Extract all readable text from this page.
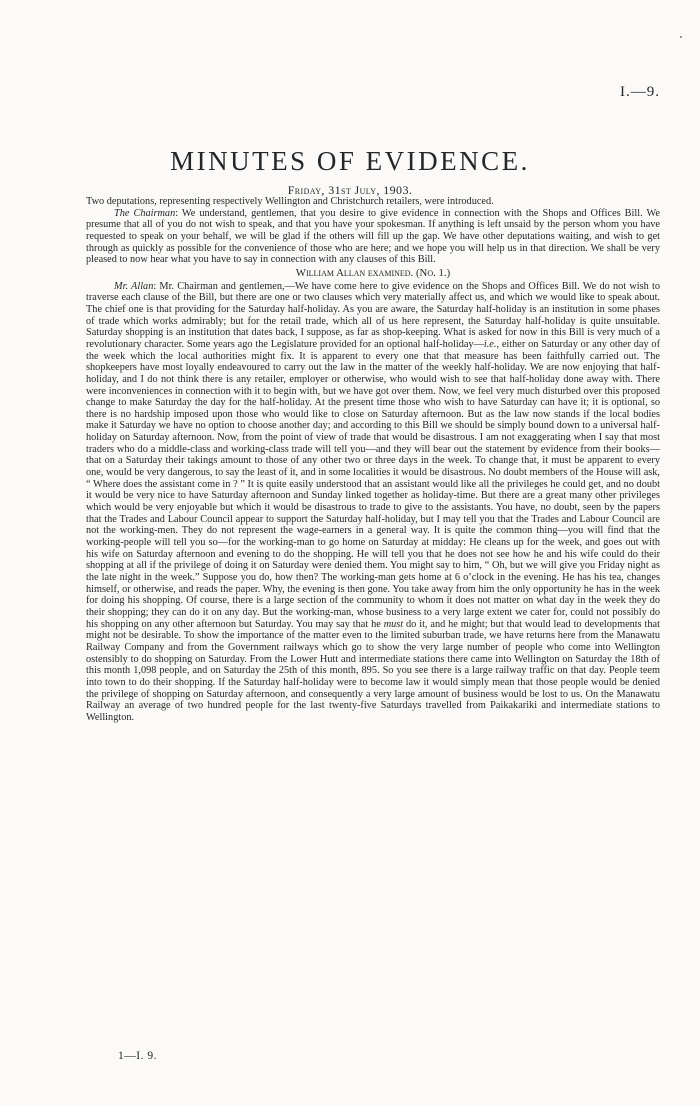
I.—9.
MINUTES OF EVIDENCE.
Friday, 31st July, 1903.

Two deputations, representing respectively Wellington and Christchurch retailers, were introduced.

The Chairman: We understand, gentlemen, that you desire to give evidence in connection with the Shops and Offices Bill. We presume that all of you do not wish to speak, and that you have your spokesman. If anything is left unsaid by the person whom you have requested to speak on your behalf, we will be glad if the others will fill up the gap. We have other deputations waiting, and wish to get through as quickly as possible for the convenience of those who are here; and we hope you will help us in that direction. We shall be very pleased to now hear what you have to say in connection with any clauses of this Bill.

William Allan examined. (No. 1.)

Mr. Allan: Mr. Chairman and gentlemen,—We have come here to give evidence on the Shops and Offices Bill. We do not wish to traverse each clause of the Bill, but there are one or two clauses which very materially affect us, and which we would like to speak about. The chief one is that providing for the Saturday half-holiday. As you are aware, the Saturday half-holiday is an institution in some phases of trade which works admirably; but for the retail trade, which all of us here represent, the Saturday half-holiday is quite unsuitable. Saturday shopping is an institution that dates back, I suppose, as far as shop-keeping. What is asked for now in this Bill is very much of a revolutionary character. Some years ago the Legislature provided for an optional half-holiday—i.e., either on Saturday or any other day of the week which the local authorities might fix. It is apparent to every one that that measure has been faithfully carried out. The shopkeepers have most loyally endeavoured to carry out the law in the matter of the weekly half-holiday. We are now enjoying that half-holiday, and I do not think there is any retailer, employer or otherwise, who would wish to see that half-holiday done away with. There were inconveniences in connection with it to begin with, but we have got over them. Now, we feel very much disturbed over this proposed change to make Saturday the day for the half-holiday. At the present time those who wish to have Saturday can have it; it is optional, so there is no hardship imposed upon those who would like to close on Saturday afternoon. But as the law now stands if the local bodies make it Saturday we have no option to choose another day; and according to this Bill we should be simply bound down to a universal half-holiday on Saturday afternoon. Now, from the point of view of trade that would be disastrous. I am not exaggerating when I say that most traders who do a middle-class and working-class trade will tell you—and they will bear out the statement by evidence from their books—that on a Saturday their takings amount to those of any other two or three days in the week. To change that, it must be apparent to every one, would be very dangerous, to say the least of it, and in some localities it would be disastrous. No doubt members of the House will ask, “ Where does the assistant come in ? ” It is quite easily understood that an assistant would like all the privileges he could get, and no doubt it would be very nice to have Saturday afternoon and Sunday linked together as holiday-time. But there are a great many other privileges which would be very enjoyable but which it would be disastrous to trade to give to the assistants. You have, no doubt, seen by the papers that the Trades and Labour Council appear to support the Saturday half-holiday, but I may tell you that the Trades and Labour Council are not the working-men. They do not represent the wage-earners in a general way. It is quite the common thing—you will find that the working-people will tell you so—for the working-man to go home on Saturday at midday: He cleans up for the week, and goes out with his wife on Saturday afternoon and evening to do the shopping. He will tell you that he does not see how he and his wife could do their shopping at all if the privilege of doing it on Saturday were denied them. You might say to him, “ Oh, but we will give you Friday night as the late night in the week.” Suppose you do, how then? The working-man gets home at 6 o’clock in the evening. He has his tea, changes himself, or otherwise, and reads the paper. Why, the evening is then gone. You take away from him the only opportunity he has in the week for doing his shopping. Of course, there is a large section of the community to whom it does not matter on what day in the week they do their shopping; they can do it on any day. But the working-man, whose business to a very large extent we cater for, could not possibly do his shopping on any other afternoon but Saturday. You may say that he must do it, and he might; but that would lead to developments that might not be desirable. To show the importance of the matter even to the limited suburban trade, we have returns here from the Manawatu Railway Company and from the Government railways which go to show the very large number of people who come into Wellington ostensibly to do shopping on Saturday. From the Lower Hutt and intermediate stations there came into Wellington on Saturday the 18th of this month 1,098 people, and on Saturday the 25th of this month, 895. So you see there is a large railway traffic on that day. People teem into town to do their shopping. If the Saturday half-holiday were to become law it would simply mean that those people would be denied the privilege of shopping on Saturday afternoon, and consequently a very large amount of business would be lost to us. On the Manawatu Railway an average of two hundred people for the last twenty-five Saturdays travelled from Paikakariki and intermediate stations to Wellington.

1—I. 9.
